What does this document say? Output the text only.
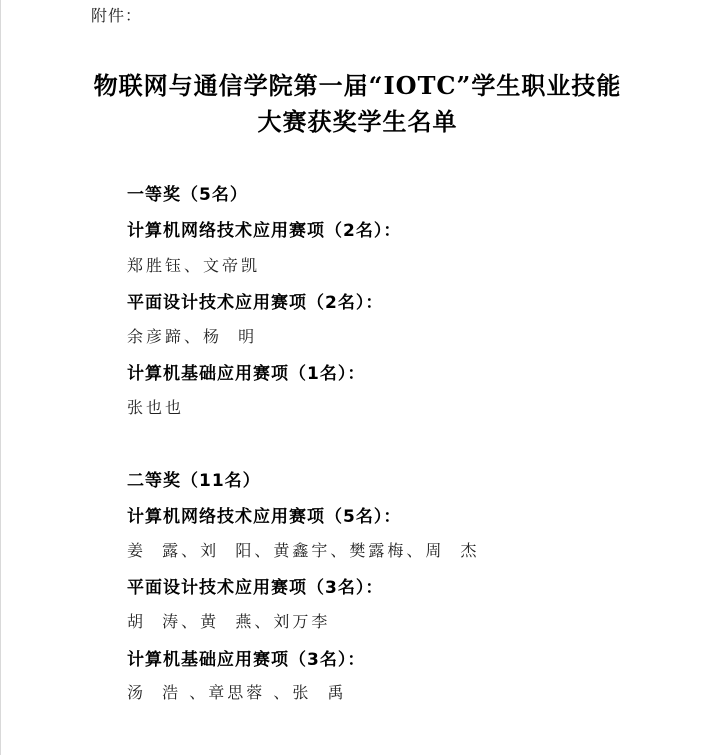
附件：
物联网与通信学院第一届“IOTC”学生职业技能
大赛获奖学生名单
一等奖（5名）
计算机网络技术应用赛项（2名）：
郑胜钰、文帝凯
平面设计技术应用赛项（2名）：
余彦蹄、杨  明
计算机基础应用赛项（1名）：
张也也
二等奖（11名）
计算机网络技术应用赛项（5名）：
姜  露、刘  阳、黄鑫宇、樊露梅、周  杰
平面设计技术应用赛项（3名）：
胡  涛、黄  燕、刘万李
计算机基础应用赛项（3名）：
汤  浩 、章思蓉 、张  禹
